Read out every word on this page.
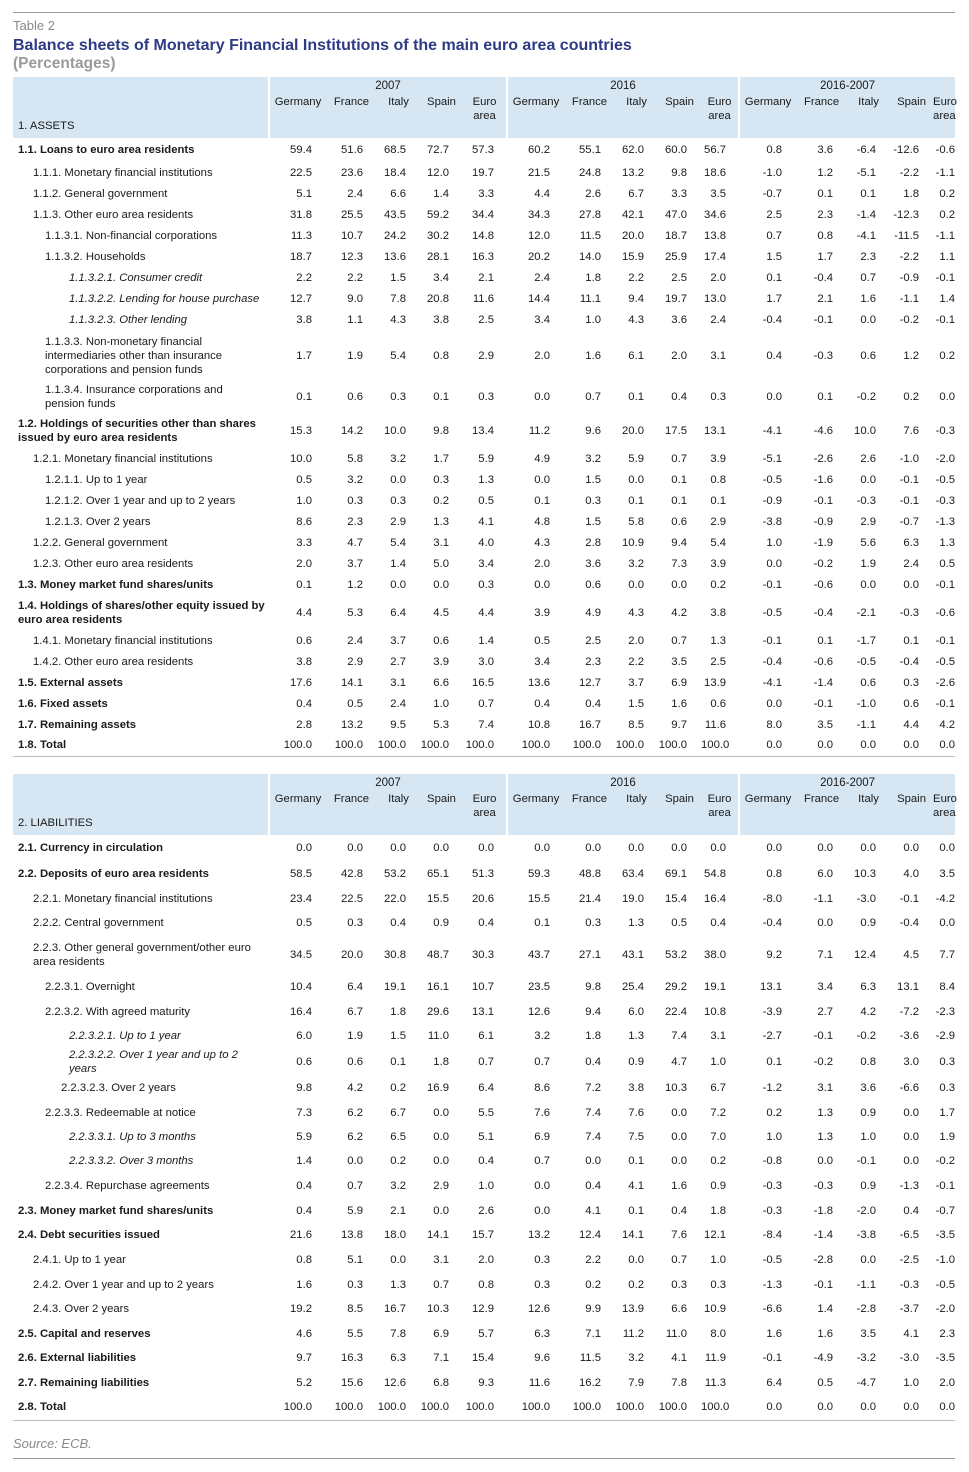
Table 2
Balance sheets of Monetary Financial Institutions of the main euro area countries
(Percentages)
	2007					2016					2016-2007				
1. ASSETS	Germany	France	Italy	Spain	Euro area	Germany	France	Italy	Spain	Euro area	Germany	France	Italy	Spain	Euro area
1.1. Loans to euro area residents	59.4	51.6	68.5	72.7	57.3	60.2	55.1	62.0	60.0	56.7	0.8	3.6	-6.4	-12.6	-0.6
1.1.1. Monetary financial institutions	22.5	23.6	18.4	12.0	19.7	21.5	24.8	13.2	9.8	18.6	-1.0	1.2	-5.1	-2.2	-1.1
1.1.2. General government	5.1	2.4	6.6	1.4	3.3	4.4	2.6	6.7	3.3	3.5	-0.7	0.1	0.1	1.8	0.2
1.1.3. Other euro area residents	31.8	25.5	43.5	59.2	34.4	34.3	27.8	42.1	47.0	34.6	2.5	2.3	-1.4	-12.3	0.2
1.1.3.1. Non-financial corporations	11.3	10.7	24.2	30.2	14.8	12.0	11.5	20.0	18.7	13.8	0.7	0.8	-4.1	-11.5	-1.1
1.1.3.2. Households	18.7	12.3	13.6	28.1	16.3	20.2	14.0	15.9	25.9	17.4	1.5	1.7	2.3	-2.2	1.1
1.1.3.2.1. Consumer credit	2.2	2.2	1.5	3.4	2.1	2.4	1.8	2.2	2.5	2.0	0.1	-0.4	0.7	-0.9	-0.1
1.1.3.2.2. Lending for house purchase	12.7	9.0	7.8	20.8	11.6	14.4	11.1	9.4	19.7	13.0	1.7	2.1	1.6	-1.1	1.4
1.1.3.2.3. Other lending	3.8	1.1	4.3	3.8	2.5	3.4	1.0	4.3	3.6	2.4	-0.4	-0.1	0.0	-0.2	-0.1
1.1.3.3. Non-monetary financial intermediaries other than insurance corporations and pension funds	1.7	1.9	5.4	0.8	2.9	2.0	1.6	6.1	2.0	3.1	0.4	-0.3	0.6	1.2	0.2
1.1.3.4. Insurance corporations and pension funds	0.1	0.6	0.3	0.1	0.3	0.0	0.7	0.1	0.4	0.3	0.0	0.1	-0.2	0.2	0.0
1.2. Holdings of securities other than shares issued by euro area residents	15.3	14.2	10.0	9.8	13.4	11.2	9.6	20.0	17.5	13.1	-4.1	-4.6	10.0	7.6	-0.3
1.2.1. Monetary financial institutions	10.0	5.8	3.2	1.7	5.9	4.9	3.2	5.9	0.7	3.9	-5.1	-2.6	2.6	-1.0	-2.0
1.2.1.1. Up to 1 year	0.5	3.2	0.0	0.3	1.3	0.0	1.5	0.0	0.1	0.8	-0.5	-1.6	0.0	-0.1	-0.5
1.2.1.2. Over 1 year and up to 2 years	1.0	0.3	0.3	0.2	0.5	0.1	0.3	0.1	0.1	0.1	-0.9	-0.1	-0.3	-0.1	-0.3
1.2.1.3. Over 2 years	8.6	2.3	2.9	1.3	4.1	4.8	1.5	5.8	0.6	2.9	-3.8	-0.9	2.9	-0.7	-1.3
1.2.2. General government	3.3	4.7	5.4	3.1	4.0	4.3	2.8	10.9	9.4	5.4	1.0	-1.9	5.6	6.3	1.3
1.2.3. Other euro area residents	2.0	3.7	1.4	5.0	3.4	2.0	3.6	3.2	7.3	3.9	0.0	-0.2	1.9	2.4	0.5
1.3. Money market fund shares/units	0.1	1.2	0.0	0.0	0.3	0.0	0.6	0.0	0.0	0.2	-0.1	-0.6	0.0	0.0	-0.1
1.4. Holdings of shares/other equity issued by euro area residents	4.4	5.3	6.4	4.5	4.4	3.9	4.9	4.3	4.2	3.8	-0.5	-0.4	-2.1	-0.3	-0.6
1.4.1. Monetary financial institutions	0.6	2.4	3.7	0.6	1.4	0.5	2.5	2.0	0.7	1.3	-0.1	0.1	-1.7	0.1	-0.1
1.4.2. Other euro area residents	3.8	2.9	2.7	3.9	3.0	3.4	2.3	2.2	3.5	2.5	-0.4	-0.6	-0.5	-0.4	-0.5
1.5. External assets	17.6	14.1	3.1	6.6	16.5	13.6	12.7	3.7	6.9	13.9	-4.1	-1.4	0.6	0.3	-2.6
1.6. Fixed assets	0.4	0.5	2.4	1.0	0.7	0.4	0.4	1.5	1.6	0.6	0.0	-0.1	-1.0	0.6	-0.1
1.7. Remaining assets	2.8	13.2	9.5	5.3	7.4	10.8	16.7	8.5	9.7	11.6	8.0	3.5	-1.1	4.4	4.2
1.8. Total	100.0	100.0	100.0	100.0	100.0	100.0	100.0	100.0	100.0	100.0	0.0	0.0	0.0	0.0	0.0
	2007					2016					2016-2007				
2. LIABILITIES	Germany	France	Italy	Spain	Euro area	Germany	France	Italy	Spain	Euro area	Germany	France	Italy	Spain	Euro area
2.1. Currency in circulation	0.0	0.0	0.0	0.0	0.0	0.0	0.0	0.0	0.0	0.0	0.0	0.0	0.0	0.0	0.0
2.2. Deposits of euro area residents	58.5	42.8	53.2	65.1	51.3	59.3	48.8	63.4	69.1	54.8	0.8	6.0	10.3	4.0	3.5
2.2.1. Monetary financial institutions	23.4	22.5	22.0	15.5	20.6	15.5	21.4	19.0	15.4	16.4	-8.0	-1.1	-3.0	-0.1	-4.2
2.2.2. Central government	0.5	0.3	0.4	0.9	0.4	0.1	0.3	1.3	0.5	0.4	-0.4	0.0	0.9	-0.4	0.0
2.2.3. Other general government/other euro area residents	34.5	20.0	30.8	48.7	30.3	43.7	27.1	43.1	53.2	38.0	9.2	7.1	12.4	4.5	7.7
2.2.3.1. Overnight	10.4	6.4	19.1	16.1	10.7	23.5	9.8	25.4	29.2	19.1	13.1	3.4	6.3	13.1	8.4
2.2.3.2. With agreed maturity	16.4	6.7	1.8	29.6	13.1	12.6	9.4	6.0	22.4	10.8	-3.9	2.7	4.2	-7.2	-2.3
2.2.3.2.1. Up to 1 year	6.0	1.9	1.5	11.0	6.1	3.2	1.8	1.3	7.4	3.1	-2.7	-0.1	-0.2	-3.6	-2.9
2.2.3.2.2. Over 1 year and up to 2 years	0.6	0.6	0.1	1.8	0.7	0.7	0.4	0.9	4.7	1.0	0.1	-0.2	0.8	3.0	0.3
2.2.3.2.3. Over 2 years	9.8	4.2	0.2	16.9	6.4	8.6	7.2	3.8	10.3	6.7	-1.2	3.1	3.6	-6.6	0.3
2.2.3.3. Redeemable at notice	7.3	6.2	6.7	0.0	5.5	7.6	7.4	7.6	0.0	7.2	0.2	1.3	0.9	0.0	1.7
2.2.3.3.1. Up to 3 months	5.9	6.2	6.5	0.0	5.1	6.9	7.4	7.5	0.0	7.0	1.0	1.3	1.0	0.0	1.9
2.2.3.3.2. Over 3 months	1.4	0.0	0.2	0.0	0.4	0.7	0.0	0.1	0.0	0.2	-0.8	0.0	-0.1	0.0	-0.2
2.2.3.4. Repurchase agreements	0.4	0.7	3.2	2.9	1.0	0.0	0.4	4.1	1.6	0.9	-0.3	-0.3	0.9	-1.3	-0.1
2.3. Money market fund shares/units	0.4	5.9	2.1	0.0	2.6	0.0	4.1	0.1	0.4	1.8	-0.3	-1.8	-2.0	0.4	-0.7
2.4. Debt securities issued	21.6	13.8	18.0	14.1	15.7	13.2	12.4	14.1	7.6	12.1	-8.4	-1.4	-3.8	-6.5	-3.5
2.4.1. Up to 1 year	0.8	5.1	0.0	3.1	2.0	0.3	2.2	0.0	0.7	1.0	-0.5	-2.8	0.0	-2.5	-1.0
2.4.2. Over 1 year and up to 2 years	1.6	0.3	1.3	0.7	0.8	0.3	0.2	0.2	0.3	0.3	-1.3	-0.1	-1.1	-0.3	-0.5
2.4.3. Over 2 years	19.2	8.5	16.7	10.3	12.9	12.6	9.9	13.9	6.6	10.9	-6.6	1.4	-2.8	-3.7	-2.0
2.5. Capital and reserves	4.6	5.5	7.8	6.9	5.7	6.3	7.1	11.2	11.0	8.0	1.6	1.6	3.5	4.1	2.3
2.6. External liabilities	9.7	16.3	6.3	7.1	15.4	9.6	11.5	3.2	4.1	11.9	-0.1	-4.9	-3.2	-3.0	-3.5
2.7. Remaining liabilities	5.2	15.6	12.6	6.8	9.3	11.6	16.2	7.9	7.8	11.3	6.4	0.5	-4.7	1.0	2.0
2.8. Total	100.0	100.0	100.0	100.0	100.0	100.0	100.0	100.0	100.0	100.0	0.0	0.0	0.0	0.0	0.0
Source: ECB.
